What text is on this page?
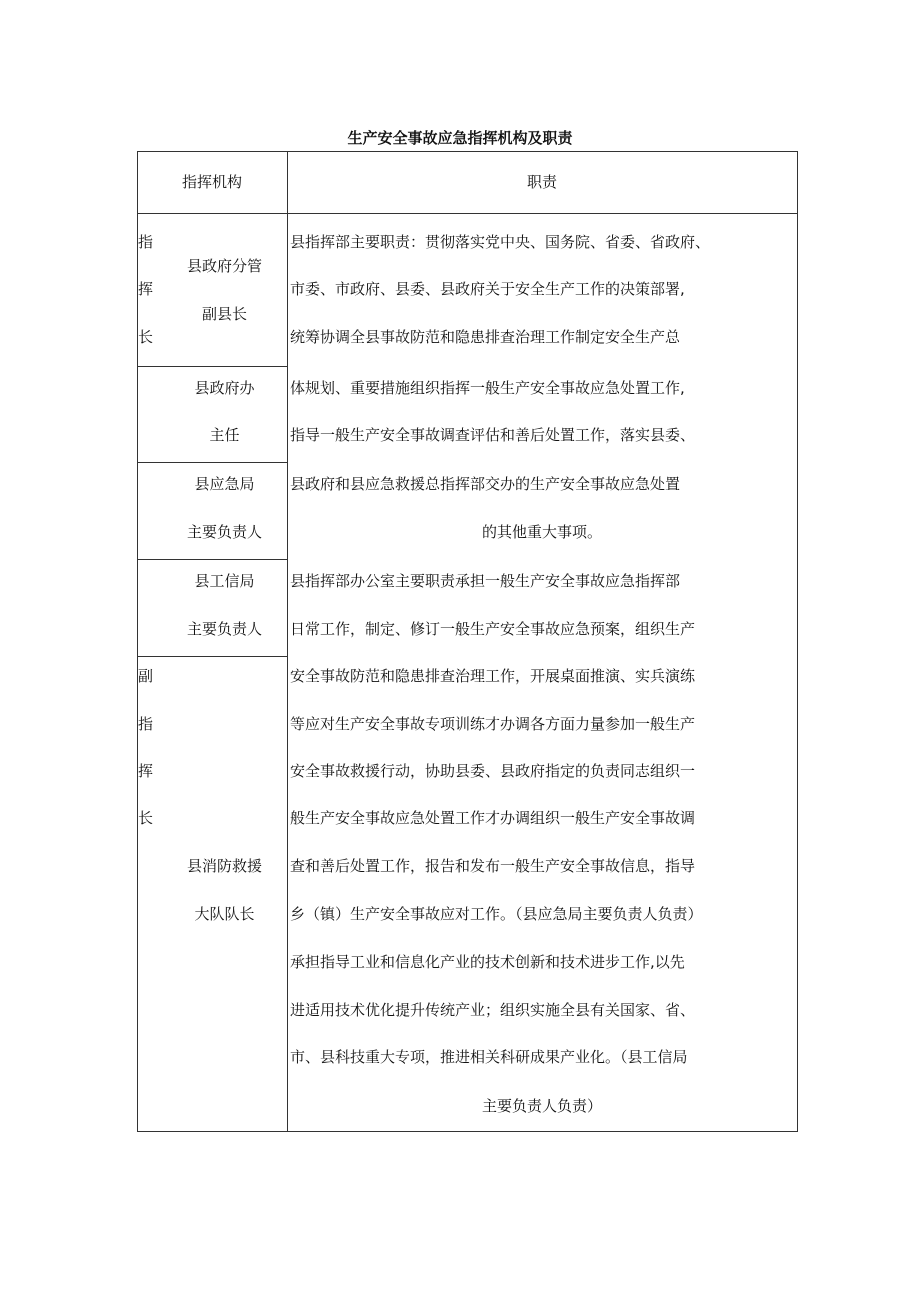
生产安全事故应急指挥机构及职责
指挥机构	职责
指
挥
长
县政府分管
副县长
县政府办
主任
县应急局
主要负责人
县工信局
主要负责人
副
指
挥
长
县消防救援
大队队长
县指挥部主要职责：贯彻落实党中央、国务院、省委、省政府、
市委、市政府、县委、县政府关于安全生产工作的决策部署,
统筹协调全县事故防范和隐患排查治理工作制定安全生产总
体规划、重要措施组织指挥一般生产安全事故应急处置工作,
指导一般生产安全事故调查评估和善后处置工作，落实县委、
县政府和县应急救援总指挥部交办的生产安全事故应急处置
的其他重大事项。
县指挥部办公室主要职责承担一般生产安全事故应急指挥部
日常工作，制定、修订一般生产安全事故应急预案，组织生产
安全事故防范和隐患排查治理工作，开展桌面推演、实兵演练
等应对生产安全事故专项训练才办调各方面力量参加一般生产
安全事故救援行动，协助县委、县政府指定的负责同志组织一
般生产安全事故应急处置工作才办调组织一般生产安全事故调
查和善后处置工作，报告和发布一般生产安全事故信息，指导
乡（镇）生产安全事故应对工作。（县应急局主要负责人负责）
承担指导工业和信息化产业的技术创新和技术进步工作,以先
进适用技术优化提升传统产业；组织实施全县有关国家、省、
市、县科技重大专项，推进相关科研成果产业化。（县工信局
主要负责人负责）
